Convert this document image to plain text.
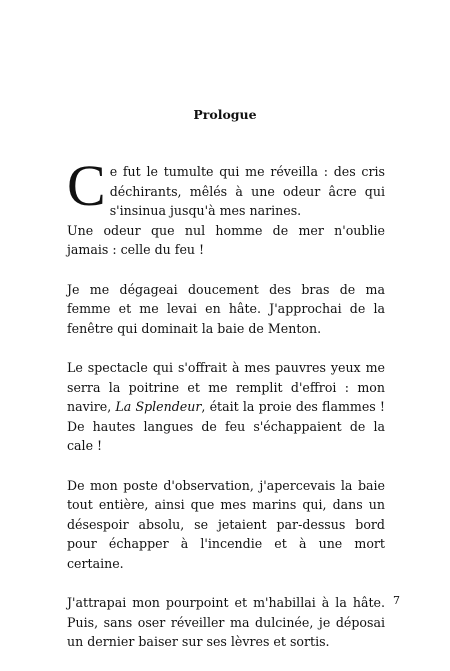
Prologue

Ce fut le tumulte qui me réveilla : des cris déchirants, mêlés à une odeur âcre qui s'insinua jusqu'à mes narines.

Une odeur que nul homme de mer n'oublie jamais : celle du feu !

Je me dégageai doucement des bras de ma femme et me levai en hâte. J'approchai de la fenêtre qui dominait la baie de Menton.

Le spectacle qui s'offrait à mes pauvres yeux me serra la poitrine et me remplit d'effroi : mon navire, La Splendeur, était la proie des flammes ! De hautes langues de feu s'échappaient de la cale !

De mon poste d'observation, j'apercevais la baie tout entière, ainsi que mes marins qui, dans un désespoir absolu, se jetaient par-dessus bord pour échapper à l'incendie et à une mort certaine.

J'attrapai mon pourpoint et m'habillai à la hâte. Puis, sans oser réveiller ma dulcinée, je déposai un dernier baiser sur ses lèvres et sortis.

7
